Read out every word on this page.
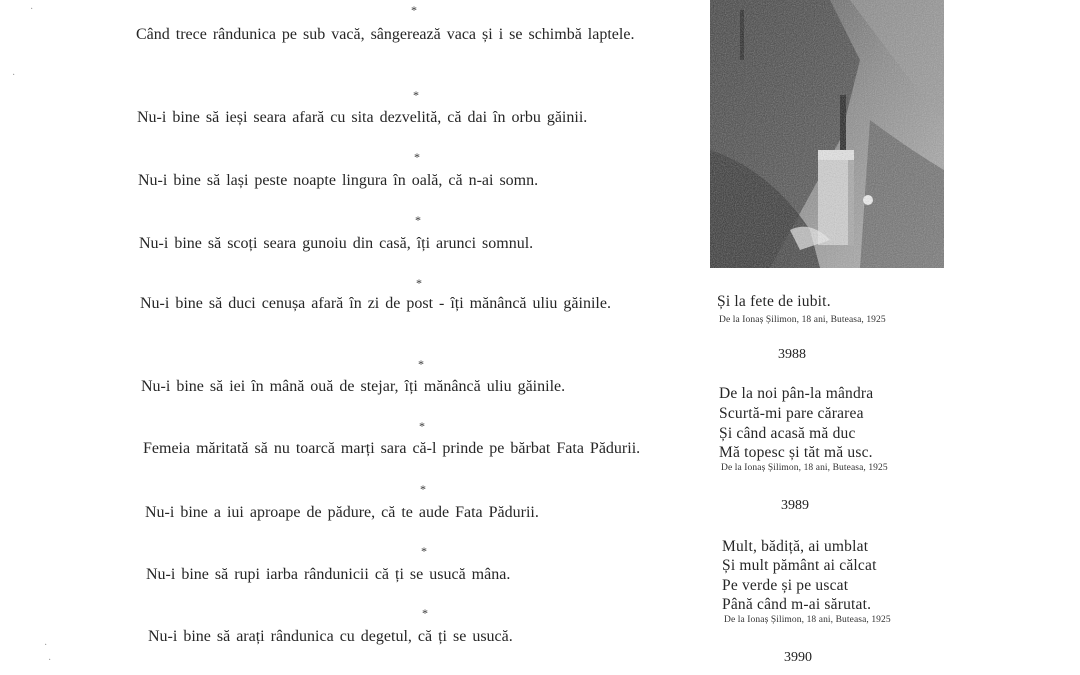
*
Când trece rândunica pe sub vacă, sângerează vaca și i se schimbă laptele.
*
Nu-i bine să ieși seara afară cu sita dezvelită, că dai în orbu găinii.
*
Nu-i bine să lași peste noapte lingura în oală, că n-ai somn.
*
Nu-i bine să scoți seara gunoiu din casă, îți arunci somnul.
*
Nu-i bine să duci cenușa afară în zi de post - îți mănâncă uliu găinile.
*
Nu-i bine să iei în mână ouă de stejar, îți mănâncă uliu găinile.
*
Femeia măritată să nu toarcă marți sara că-l prinde pe bărbat Fata Pădurii.
*
Nu-i bine a iui aproape de pădure, că te aude Fata Pădurii.
*
Nu-i bine să rupi iarba rândunicii că ți se usucă mâna.
*
Nu-i bine să arați rândunica cu degetul, că ți se usucă.
Și la fete de iubit.
De la Ionaș Șilimon, 18 ani, Buteasa, 1925
3988
De la noi pân-la mândra
Scurtă-mi pare cărarea
Și când acasă mă duc
Mă topesc și tăt mă usc.
De la Ionaș Șilimon, 18 ani, Buteasa, 1925
3989
Mult, bădiță, ai umblat
Și mult pământ ai călcat
Pe verde și pe uscat
Până când m-ai sărutat.
De la Ionaș Șilimon, 18 ani, Buteasa, 1925
3990
·
·
·
·
